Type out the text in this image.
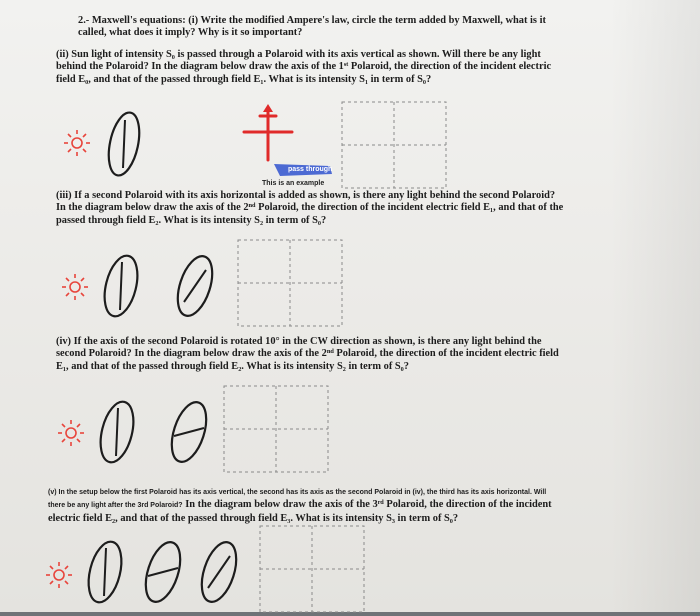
2.- Maxwell's equations: (i) Write the modified Ampere's law, circle the term added by Maxwell, what is it called, what does it imply? Why is it so important?
(ii) Sun light of intensity S₀ is passed through a Polaroid with its axis vertical as shown. Will there be any light behind the Polaroid? In the diagram below draw the axis of the 1ˢᵗ Polaroid, the direction of the incident electric field E₀, and that of the passed through field E₁. What is its intensity S₁ in term of S₀?
pass through
This is an example
(iii) If a second Polaroid with its axis horizontal is added as shown, is there any light behind the second Polaroid? In the diagram below draw the axis of the 2ⁿᵈ Polaroid, the direction of the incident electric field E₁, and that of the passed through field E₂. What is its intensity S₂ in term of S₀?
(iv) If the axis of the second Polaroid is rotated 10° in the CW direction as shown, is there any light behind the second Polaroid? In the diagram below draw the axis of the 2ⁿᵈ Polaroid, the direction of the incident electric field E₁, and that of the passed through field E₂. What is its intensity S₂ in term of S₀?
(v) In the setup below the first Polaroid has its axis vertical, the second has its axis as the second Polaroid in (iv), the third has its axis horizontal. Will there be any light after the 3rd Polaroid? In the diagram below draw the axis of the 3ʳᵈ Polaroid, the direction of the incident electric field E₂, and that of the passed through field E₃. What is its intensity S₃ in term of S₀?
